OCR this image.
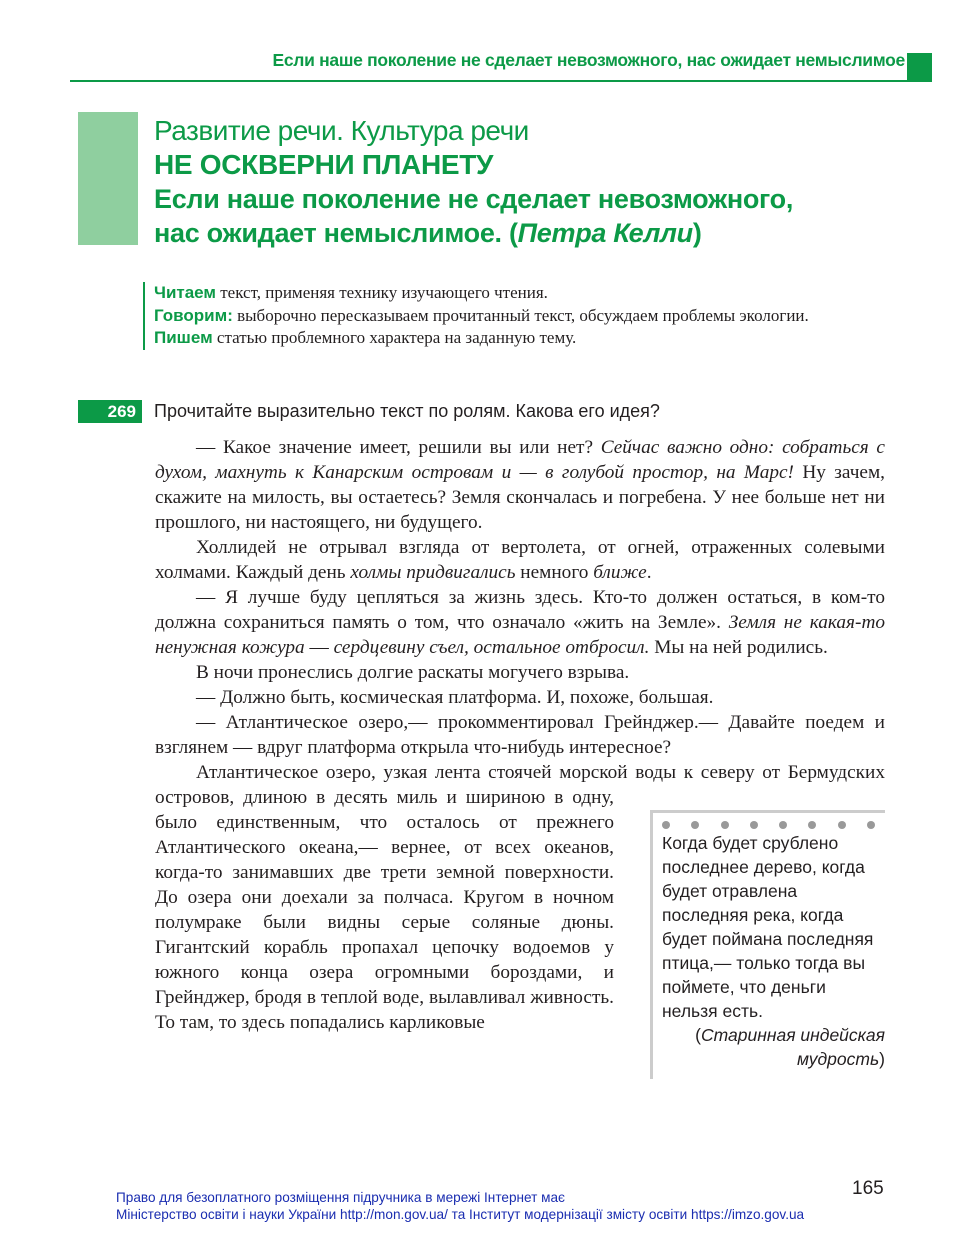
Если наше поколение не сделает невозможного, нас ожидает немыслимое
Развитие речи. Культура речи
НЕ ОСКВЕРНИ ПЛАНЕТУ
Если наше поколение не сделает невозможного,
нас ожидает немыслимое. (Петра Келли)
Читаем текст, применяя технику изучающего чтения.
Говорим: выборочно пересказываем прочитанный текст, обсуждаем проблемы экологии.
Пишем статью проблемного характера на заданную тему.
269	Прочитайте выразительно текст по ролям. Какова его идея?

— Какое значение имеет, решили вы или нет? Сейчас важно одно: собраться с духом, махнуть к Канарским островам и — в голубой простор, на Марс! Ну зачем, скажите на милость, вы остаетесь? Земля скончалась и погребена. У нее больше нет ни прошлого, ни настоящего, ни будущего.

Холлидей не отрывал взгляда от вертолета, от огней, отраженных солевыми холмами. Каждый день холмы придвигались немного ближе.

— Я лучше буду цепляться за жизнь здесь. Кто-то должен остаться, в ком-то должна сохраниться память о том, что означало «жить на Земле». Земля не какая-то ненужная кожура — сердцевину съел, остальное отбросил. Мы на ней родились.

В ночи пронеслись долгие раскаты могучего взрыва.

— Должно быть, космическая платформа. И, похоже, большая.

— Атлантическое озеро,— прокомментировал Грейнджер.— Давайте поедем и взглянем — вдруг платформа открыла что-нибудь интересное?

Когда будет срублено последнее дерево, когда будет отравлена последняя река, когда будет поймана последняя птица,— только тогда вы поймете, что деньги нельзя есть.

(Старинная индейская мудрость)
Атлантическое озеро, узкая лента стоячей морской воды к северу от Бермудских островов, длиною в десять миль и шириною в одну, было единственным, что осталось от прежнего Атлантического океана,— вернее, от всех океанов, когда-то занимавших две трети земной поверхности. До озера они доехали за полчаса. Кругом в ночном полумраке были видны серые соляные дюны. Гигантский корабль пропахал цепочку водоемов у южного конца озера огромными бороздами, и Грейнджер, бродя в теплой воде, вылавливал живность. То там, то здесь попадались карликовые

165
Право для безоплатного розміщення підручника в мережі Інтернет має
Міністерство освіти і науки України http://mon.gov.ua/ та Інститут модернізації змісту освіти https://imzo.gov.ua
